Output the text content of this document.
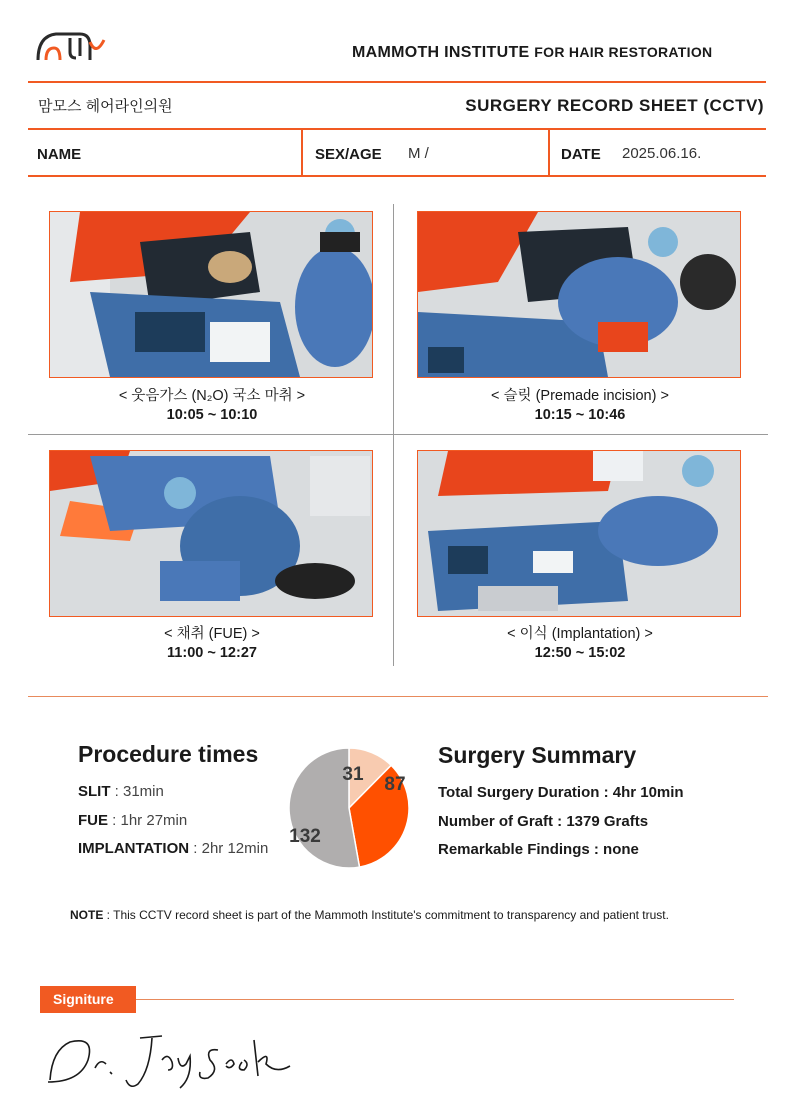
MAMMOTH INSTITUTE FOR HAIR RESTORATION
맘모스 헤어라인의원	SURGERY RECORD SHEET (CCTV)
NAME	SEX/AGE M /	DATE 2025.06.16.
< 웃음가스 (N₂O) 국소 마취 >
10:05 ~ 10:10
< 슬릿 (Premade incision) >
10:15 ~ 10:46
< 채취 (FUE) >
11:00 ~ 12:27
< 이식 (Implantation) >
12:50 ~ 15:02
Procedure times
SLIT : 31min
FUE : 1hr 27min
IMPLANTATION : 2hr 12min
31 87
132
Surgery Summary
Total Surgery Duration : 4hr 10min
Number of Graft : 1379 Grafts
Remarkable Findings : none
NOTE : This CCTV record sheet is part of the Mammoth Institute's commitment to transparency and patient trust.
Signiture
